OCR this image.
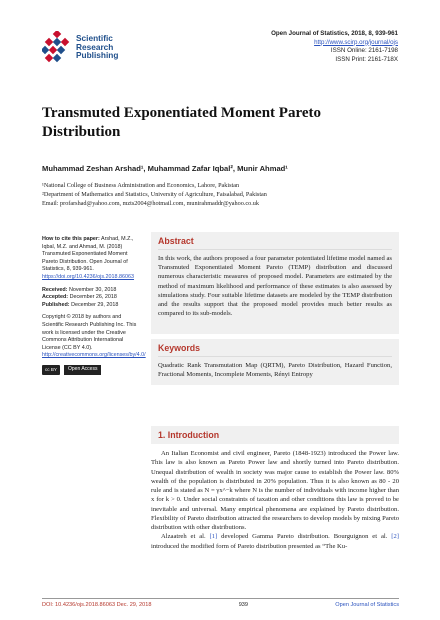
Scientific
Research
Publishing
Open Journal of Statistics, 2018, 8, 939-961
http://www.scirp.org/journal/ojs
ISSN Online: 2161-7198
ISSN Print: 2161-718X
Transmuted Exponentiated Moment Pareto Distribution
Muhammad Zeshan Arshad¹, Muhammad Zafar Iqbal², Munir Ahmad¹
¹National College of Business Administration and Economics, Lahore, Pakistan
²Department of Mathematics and Statistics, University of Agriculture, Faisalabad, Pakistan
Email: profarshad@yahoo.com, mzts2004@hotmail.com, munirahmaddr@yahoo.co.uk

How to cite this paper: Arshad, M.Z., Iqbal, M.Z. and Ahmad, M. (2018) Transmuted Exponentiated Moment Pareto Distribution. Open Journal of Statistics, 8, 939-961. https://doi.org/10.4236/ojs.2018.86063

Received: November 30, 2018
Accepted: December 26, 2018
Published: December 29, 2018

Copyright © 2018 by authors and Scientific Research Publishing Inc. This work is licensed under the Creative Commons Attribution International License (CC BY 4.0).
http://creativecommons.org/licenses/by/4.0/

cc BY	Open Access
Abstract

In this work, the authors proposed a four parameter potentiated lifetime model named as Transmuted Exponentiated Moment Pareto (TEMP) distribution and discussed numerous characteristic measures of proposed model. Parameters are estimated by the method of maximum likelihood and performance of these estimates is also assessed by simulations study. Four suitable lifetime datasets are modeled by the TEMP distribution and the results support that the proposed model provides much better results as compared to its sub-models.

Keywords

Quadratic Rank Transmutation Map (QRTM), Pareto Distribution, Hazard Function, Fractional Moments, Incomplete Moments, Rényi Entropy

1. Introduction

An Italian Economist and civil engineer, Pareto (1848-1923) introduced the Power law. This law is also known as Pareto Power law and shortly turned into Pareto distribution. Unequal distribution of wealth in society was major cause to establish the Power law. 80% wealth of the population is distributed in 20% population. Thus it is also known as 80 - 20 rule and is stated as N = γx^−k where N is the number of individuals with income higher than x for k > 0. Under social constraints of taxation and other conditions this law is proved to be inevitable and universal. Many empirical phenomena are explained by Pareto distribution. Flexibility of Pareto distribution attracted the researchers to develop models by mixing Pareto distribution with other distributions.

Alzaatreh et al. [1] developed Gamma Pareto distribution. Bourguignon et al. [2] introduced the modified form of Pareto distribution presented as “The Ku-

DOI: 10.4236/ojs.2018.86063 Dec. 29, 2018	939	Open Journal of Statistics
